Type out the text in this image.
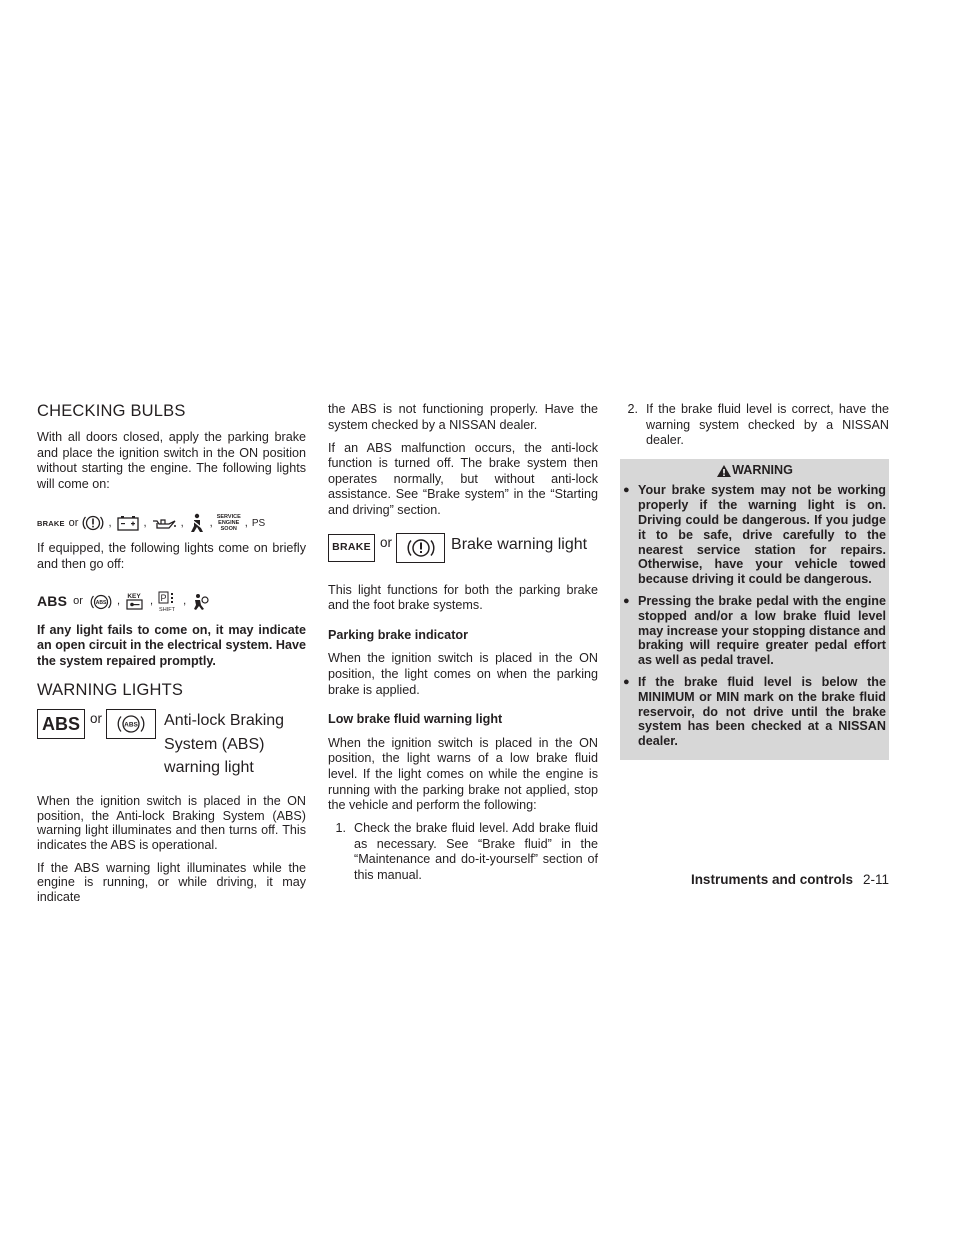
CHECKING BULBS

With all doors closed, apply the parking brake and place the ignition switch in the ON position without starting the engine. The following lights will come on:

BRAKE or	,	,	, , SERVICE
ENGINE
SOON
, PS

If equipped, the following lights come on briefly and then go off:

ABS or	ABS , KEY , P
SHIFT
,

If any light fails to come on, it may indicate an open circuit in the electrical system. Have the system repaired promptly.

WARNING LIGHTS
ABS or	ABS Anti-lock Braking
System (ABS)
warning light

When the ignition switch is placed in the ON position, the Anti-lock Braking System (ABS) warning light illuminates and then turns off. This indicates the ABS is operational.

If the ABS warning light illuminates while the engine is running, or while driving, it may indicate

the ABS is not functioning properly. Have the system checked by a NISSAN dealer.

If an ABS malfunction occurs, the anti-lock function is turned off. The brake system then operates normally, but without anti-lock assistance. See “Brake system” in the “Starting and driving” section.

BRAKE or	Brake warning light

This light functions for both the parking brake and the foot brake systems.

Parking brake indicator

When the ignition switch is placed in the ON position, the light comes on when the parking brake is applied.

Low brake fluid warning light

When the ignition switch is placed in the ON position, the light warns of a low brake fluid level. If the light comes on while the engine is running with the parking brake not applied, stop the vehicle and perform the following:

1. Check the brake fluid level. Add brake fluid as necessary. See “Brake fluid” in the “Maintenance and do-it-yourself” section of this manual.
2. If the brake fluid level is correct, have the warning system checked by a NISSAN dealer.
WARNING
● Your brake system may not be working properly if the warning light is on. Driving could be dangerous. If you judge it to be safe, drive carefully to the nearest service station for repairs. Otherwise, have your vehicle towed because driving it could be dangerous.
● Pressing the brake pedal with the engine stopped and/or a low brake fluid level may increase your stopping distance and braking will require greater pedal effort as well as pedal travel.
● If the brake fluid level is below the MINIMUM or MIN mark on the brake fluid reservoir, do not drive until the brake system has been checked at a NISSAN dealer.
Instruments and controls 2-11
